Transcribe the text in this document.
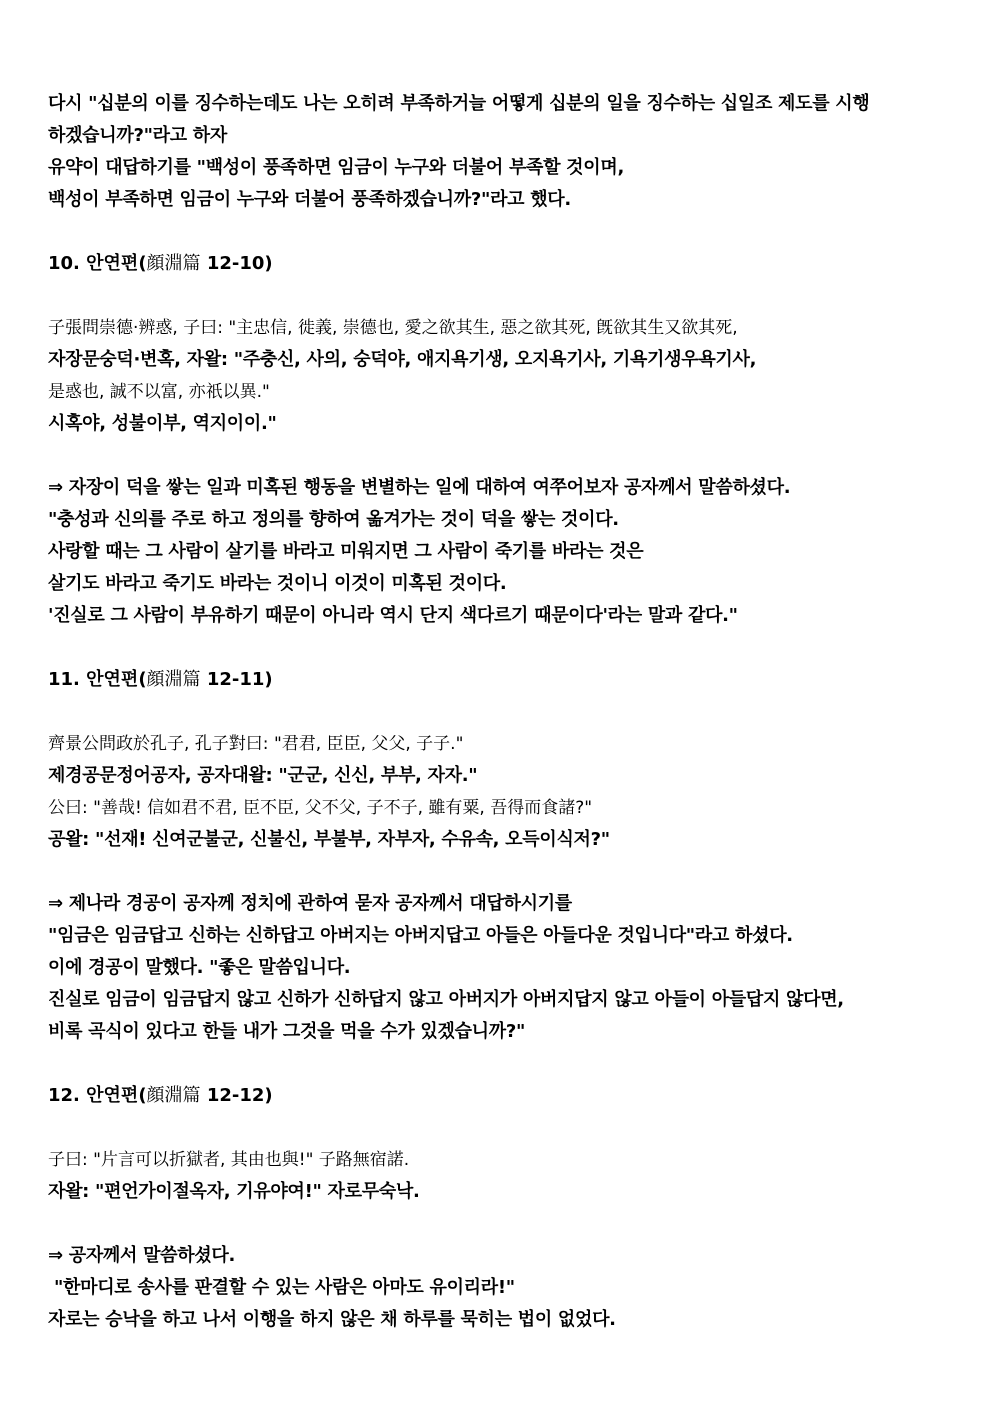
다시 "십분의 이를 징수하는데도 나는 오히려 부족하거늘 어떻게 십분의 일을 징수하는 십일조 제도를 시행
하겠습니까?"라고 하자
유약이 대답하기를 "백성이 풍족하면 임금이 누구와 더불어 부족할 것이며,
백성이 부족하면 임금이 누구와 더불어 풍족하겠습니까?"라고 했다.
10. 안연편(顔淵篇 12-10)
子張問崇德·辨惑, 子曰: "主忠信, 徙義, 崇德也, 愛之欲其生, 惡之欲其死, 旣欲其生又欲其死,
자장문숭덕·변혹, 자왈: "주충신, 사의, 숭덕야, 애지욕기생, 오지욕기사, 기욕기생우욕기사,
是惑也, 誠不以富, 亦祇以異."
시혹야, 성불이부, 역지이이."
⇒ 자장이 덕을 쌓는 일과 미혹된 행동을 변별하는 일에 대하여 여쭈어보자 공자께서 말씀하셨다.
"충성과 신의를 주로 하고 정의를 향하여 옮겨가는 것이 덕을 쌓는 것이다.
사랑할 때는 그 사람이 살기를 바라고 미워지면 그 사람이 죽기를 바라는 것은
살기도 바라고 죽기도 바라는 것이니 이것이 미혹된 것이다.
'진실로 그 사람이 부유하기 때문이 아니라 역시 단지 색다르기 때문이다'라는 말과 같다."
11. 안연편(顔淵篇 12-11)
齊景公問政於孔子, 孔子對曰: "君君, 臣臣, 父父, 子子."
제경공문정어공자, 공자대왈: "군군, 신신, 부부, 자자."
公曰: "善哉! 信如君不君, 臣不臣, 父不父, 子不子, 雖有粟, 吾得而食諸?"
공왈: "선재! 신여군불군, 신불신, 부불부, 자부자, 수유속, 오득이식저?"
⇒ 제나라 경공이 공자께 정치에 관하여 묻자 공자께서 대답하시기를
"임금은 임금답고 신하는 신하답고 아버지는 아버지답고 아들은 아들다운 것입니다"라고 하셨다.
이에 경공이 말했다. "좋은 말씀입니다.
진실로 임금이 임금답지 않고 신하가 신하답지 않고 아버지가 아버지답지 않고 아들이 아들답지 않다면,
비록 곡식이 있다고 한들 내가 그것을 먹을 수가 있겠습니까?"
12. 안연편(顔淵篇 12-12)
子曰: "片言可以折獄者, 其由也與!" 子路無宿諾.
자왈: "편언가이절옥자, 기유야여!" 자로무숙낙.
⇒ 공자께서 말씀하셨다.
"한마디로 송사를 판결할 수 있는 사람은 아마도 유이리라!"
자로는 승낙을 하고 나서 이행을 하지 않은 채 하루를 묵히는 법이 없었다.
